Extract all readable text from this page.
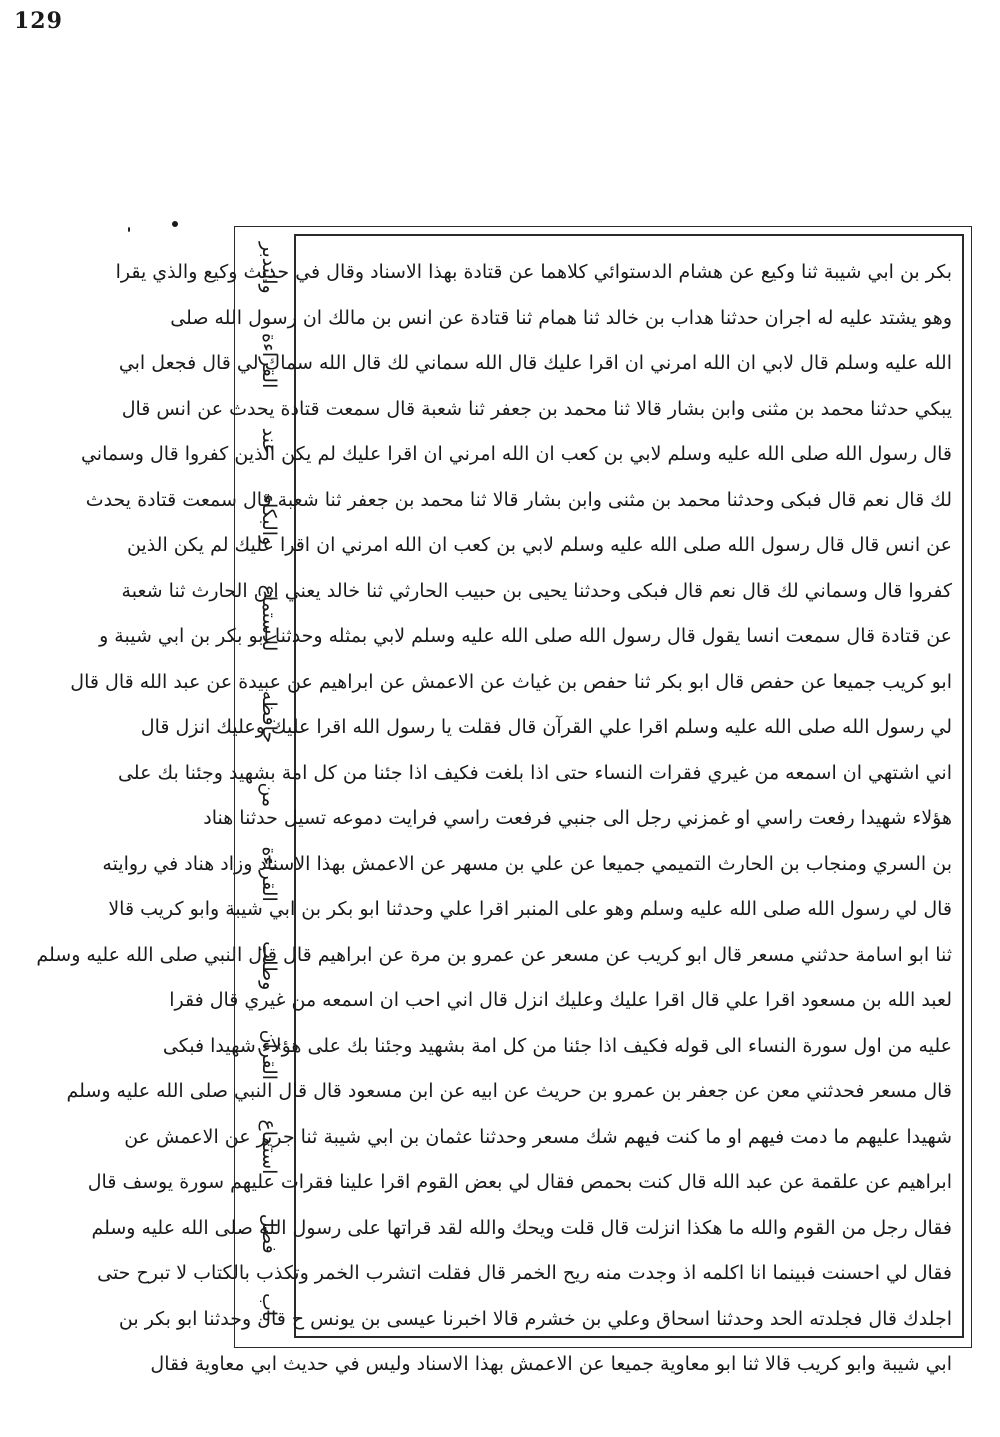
129
باب فضل استماع القرآن وطلب القراءة من حافظه للاستماع والبكاء عند القراءة والتدبر
بكر بن ابي شيبة ثنا وكيع عن هشام الدستوائي كلاهما عن قتادة بهذا الاسناد وقال في حديث وكيع والذي يقرا
وهو يشتد عليه له اجران حدثنا هداب بن خالد ثنا همام ثنا قتادة عن انس بن مالك ان رسول الله صلى
الله عليه وسلم قال لابي ان الله امرني ان اقرا عليك قال الله سماني لك قال الله سماك لي قال فجعل ابي
يبكي حدثنا محمد بن مثنى وابن بشار قالا ثنا محمد بن جعفر ثنا شعبة قال سمعت قتادة يحدث عن انس قال
قال رسول الله صلى الله عليه وسلم لابي بن كعب ان الله امرني ان اقرا عليك لم يكن الذين كفروا قال وسماني
لك قال نعم قال فبكى وحدثنا محمد بن مثنى وابن بشار قالا ثنا محمد بن جعفر ثنا شعبة قال سمعت قتادة يحدث
عن انس قال قال رسول الله صلى الله عليه وسلم لابي بن كعب ان الله امرني ان اقرا عليك لم يكن الذين
كفروا قال وسماني لك قال نعم قال فبكى وحدثنا يحيى بن حبيب الحارثي ثنا خالد يعني ابن الحارث ثنا شعبة
عن قتادة قال سمعت انسا يقول قال رسول الله صلى الله عليه وسلم لابي بمثله وحدثنا ابو بكر بن ابي شيبة و
ابو كريب جميعا عن حفص قال ابو بكر ثنا حفص بن غياث عن الاعمش عن ابراهيم عن عبيدة عن عبد الله قال قال
لي رسول الله صلى الله عليه وسلم اقرا علي القرآن قال فقلت يا رسول الله اقرا عليك وعليك انزل قال
اني اشتهي ان اسمعه من غيري فقرات النساء حتى اذا بلغت فكيف اذا جئنا من كل امة بشهيد وجئنا بك على
هؤلاء شهيدا رفعت راسي او غمزني رجل الى جنبي فرفعت راسي فرايت دموعه تسيل حدثنا هناد
بن السري ومنجاب بن الحارث التميمي جميعا عن علي بن مسهر عن الاعمش بهذا الاسناد وزاد هناد في روايته
قال لي رسول الله صلى الله عليه وسلم وهو على المنبر اقرا علي وحدثنا ابو بكر بن ابي شيبة وابو كريب قالا
ثنا ابو اسامة حدثني مسعر قال ابو كريب عن مسعر عن عمرو بن مرة عن ابراهيم قال قال النبي صلى الله عليه وسلم
لعبد الله بن مسعود اقرا علي قال اقرا عليك وعليك انزل قال اني احب ان اسمعه من غيري قال فقرا
عليه من اول سورة النساء الى قوله فكيف اذا جئنا من كل امة بشهيد وجئنا بك على هؤلاء شهيدا فبكى
قال مسعر فحدثني معن عن جعفر بن عمرو بن حريث عن ابيه عن ابن مسعود قال قال النبي صلى الله عليه وسلم
شهيدا عليهم ما دمت فيهم او ما كنت فيهم شك مسعر وحدثنا عثمان بن ابي شيبة ثنا جرير عن الاعمش عن
ابراهيم عن علقمة عن عبد الله قال كنت بحمص فقال لي بعض القوم اقرا علينا فقرات عليهم سورة يوسف قال
فقال رجل من القوم والله ما هكذا انزلت قال قلت ويحك والله لقد قراتها على رسول الله صلى الله عليه وسلم
فقال لي احسنت فبينما انا اكلمه اذ وجدت منه ريح الخمر قال فقلت اتشرب الخمر وتكذب بالكتاب لا تبرح حتى
اجلدك قال فجلدته الحد وحدثنا اسحاق وعلي بن خشرم قالا اخبرنا عيسى بن يونس ح قال وحدثنا ابو بكر بن
ابي شيبة وابو كريب قالا ثنا ابو معاوية جميعا عن الاعمش بهذا الاسناد وليس في حديث ابي معاوية فقال
